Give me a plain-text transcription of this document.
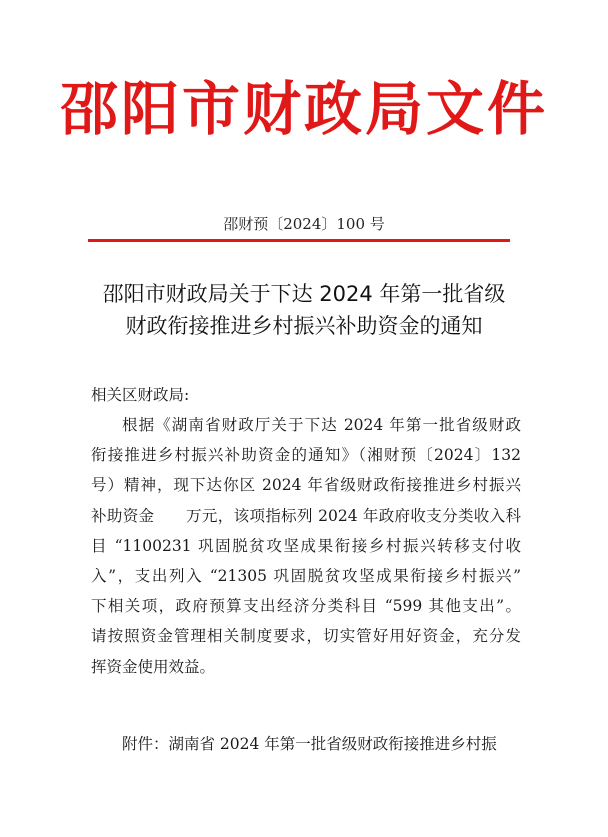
邵阳市财政局文件
邵财预〔2024〕100 号
邵阳市财政局关于下达 2024 年第一批省级
财政衔接推进乡村振兴补助资金的通知
相关区财政局:
根据《湖南省财政厅关于下达 2024 年第一批省级财政
衔接推进乡村振兴补助资金的通知》（湘财预〔2024〕132
号）精神，现下达你区 2024 年省级财政衔接推进乡村振兴
补助资金　　万元，该项指标列 2024 年政府收支分类收入科
目 “1100231 巩固脱贫攻坚成果衔接乡村振兴转移支付收
入”，支出列入 “21305 巩固脱贫攻坚成果衔接乡村振兴”
下相关项，政府预算支出经济分类科目 “599 其他支出”。
请按照资金管理相关制度要求，切实管好用好资金，充分发
挥资金使用效益。
附件：湖南省 2024 年第一批省级财政衔接推进乡村振
